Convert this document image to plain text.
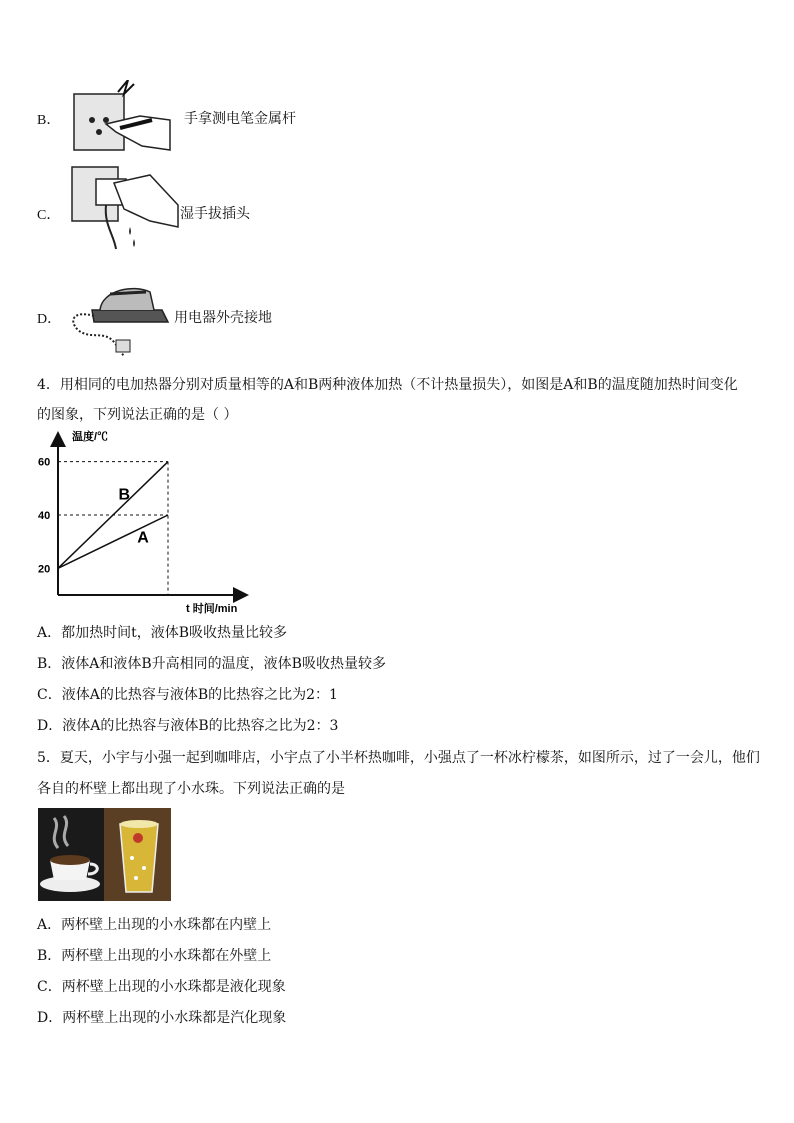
B．	手拿测电笔金属杆
C．	湿手拔插头
D．	用电器外壳接地
4．用相同的电加热器分别对质量相等的A和B两种液体加热（不计热量损失），如图是A和B的温度随加热时间变化
的图象，下列说法正确的是（ ）
温度/℃
t 时间/min
20
40
60
B
A
A．都加热时间t，液体B吸收热量比较多
B．液体A和液体B升高相同的温度，液体B吸收热量较多
C．液体A的比热容与液体B的比热容之比为2：1
D．液体A的比热容与液体B的比热容之比为2：3
5．夏天，小宇与小强一起到咖啡店，小宇点了小半杯热咖啡，小强点了一杯冰柠檬茶，如图所示，过了一会儿，他们
各自的杯壁上都出现了小水珠。下列说法正确的是
A．两杯壁上出现的小水珠都在内壁上
B．两杯壁上出现的小水珠都在外壁上
C．两杯壁上出现的小水珠都是液化现象
D．两杯壁上出现的小水珠都是汽化现象
